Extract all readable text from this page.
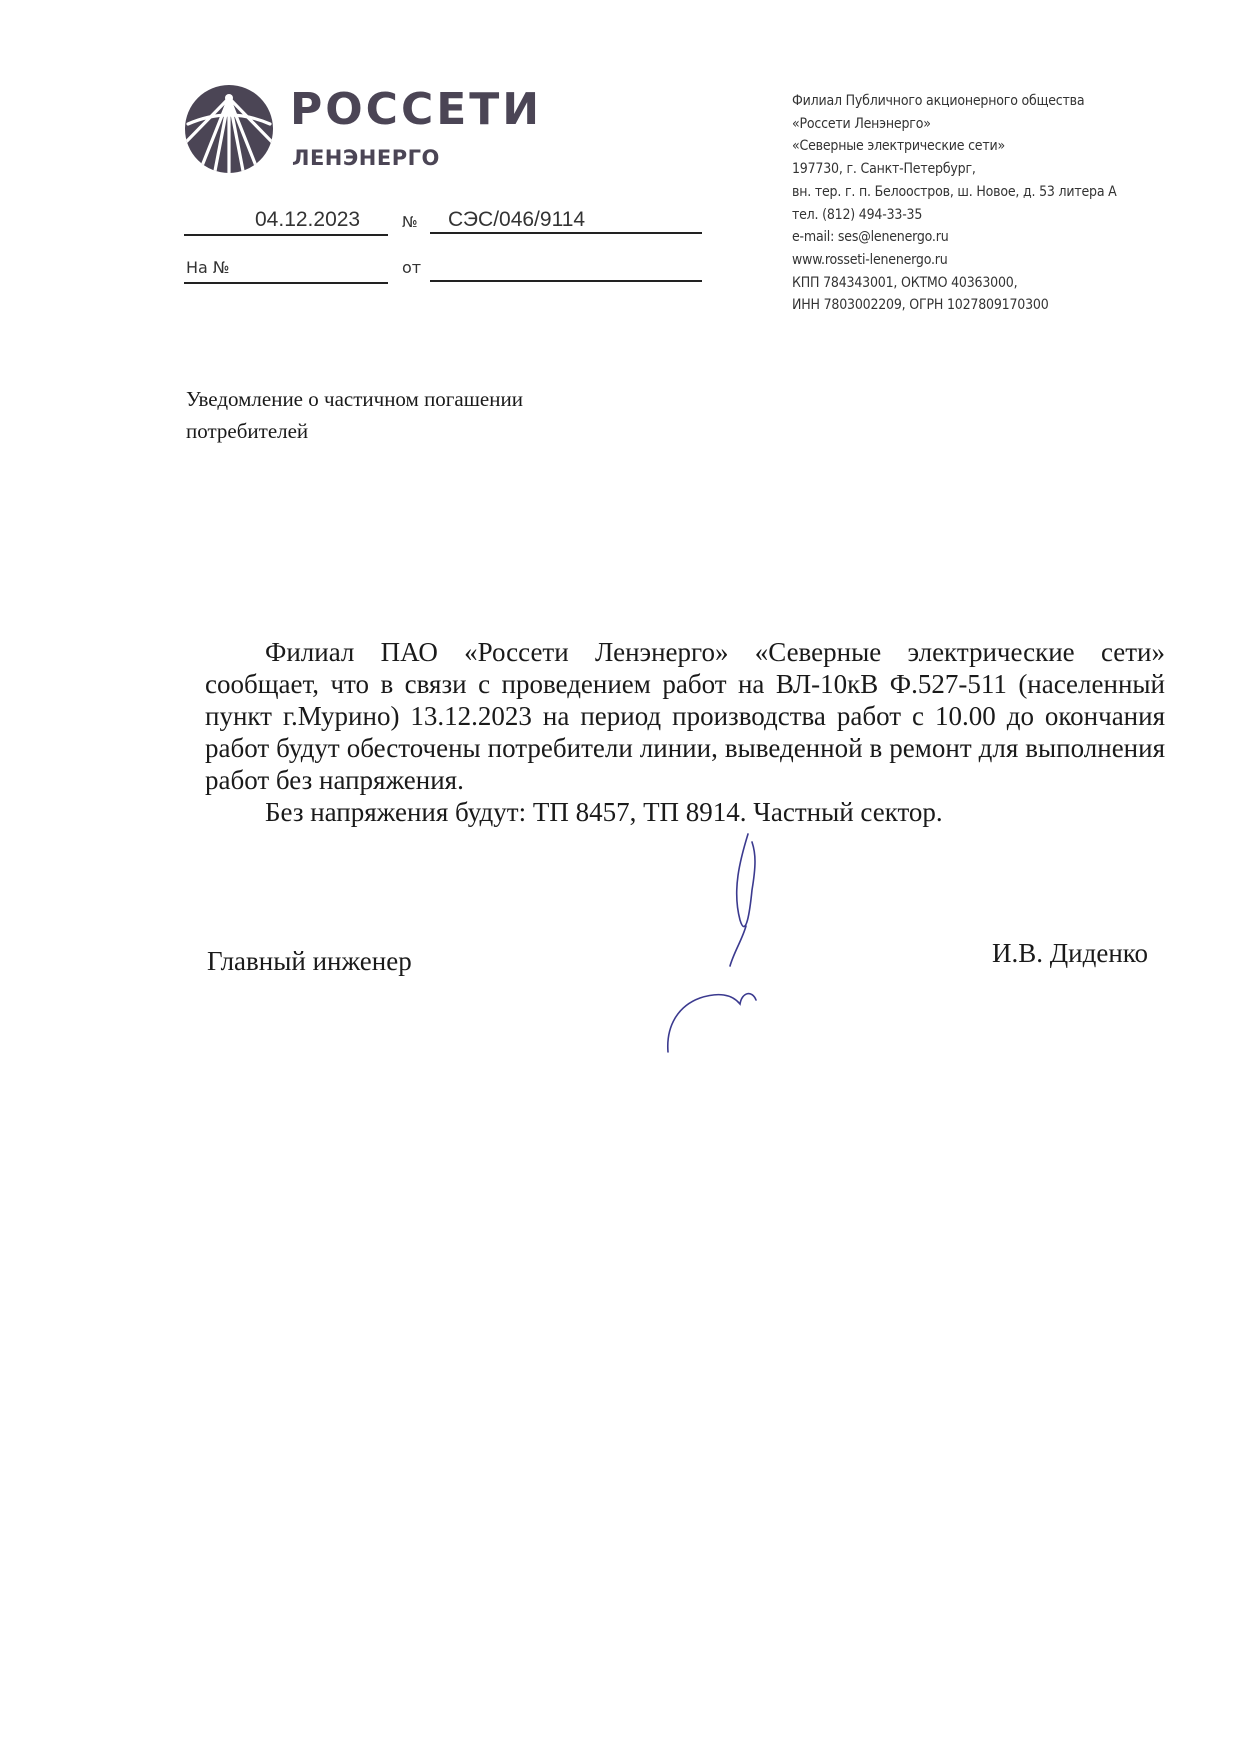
РОССЕТИ
ЛЕНЭНЕРГО
04.12.2023	№ СЭС/046/9114
На №	от
Филиал Публичного акционерного общества
«Россети Ленэнерго»
«Северные электрические сети»
197730, г. Санкт-Петербург,
вн. тер. г. п. Белоостров, ш. Новое, д. 53 литера А
тел. (812) 494-33-35
e-mail: ses@lenenergo.ru
www.rosseti-lenenergo.ru
КПП 784343001, ОКТМО 40363000,
ИНН 7803002209, ОГРН 1027809170300
Уведомление о частичном погашении потребителей

Филиал ПАО «Россети Ленэнерго» «Северные электрические сети» сообщает, что в связи с проведением работ на ВЛ-10кВ Ф.527-511 (населенный пункт г.Мурино) 13.12.2023 на период производства работ с 10.00 до окончания работ будут обесточены потребители линии, выведенной в ремонт для выполнения работ без напряжения.

Без напряжения будут: ТП 8457, ТП 8914. Частный сектор.

Главный инженер	И.В. Диденко
